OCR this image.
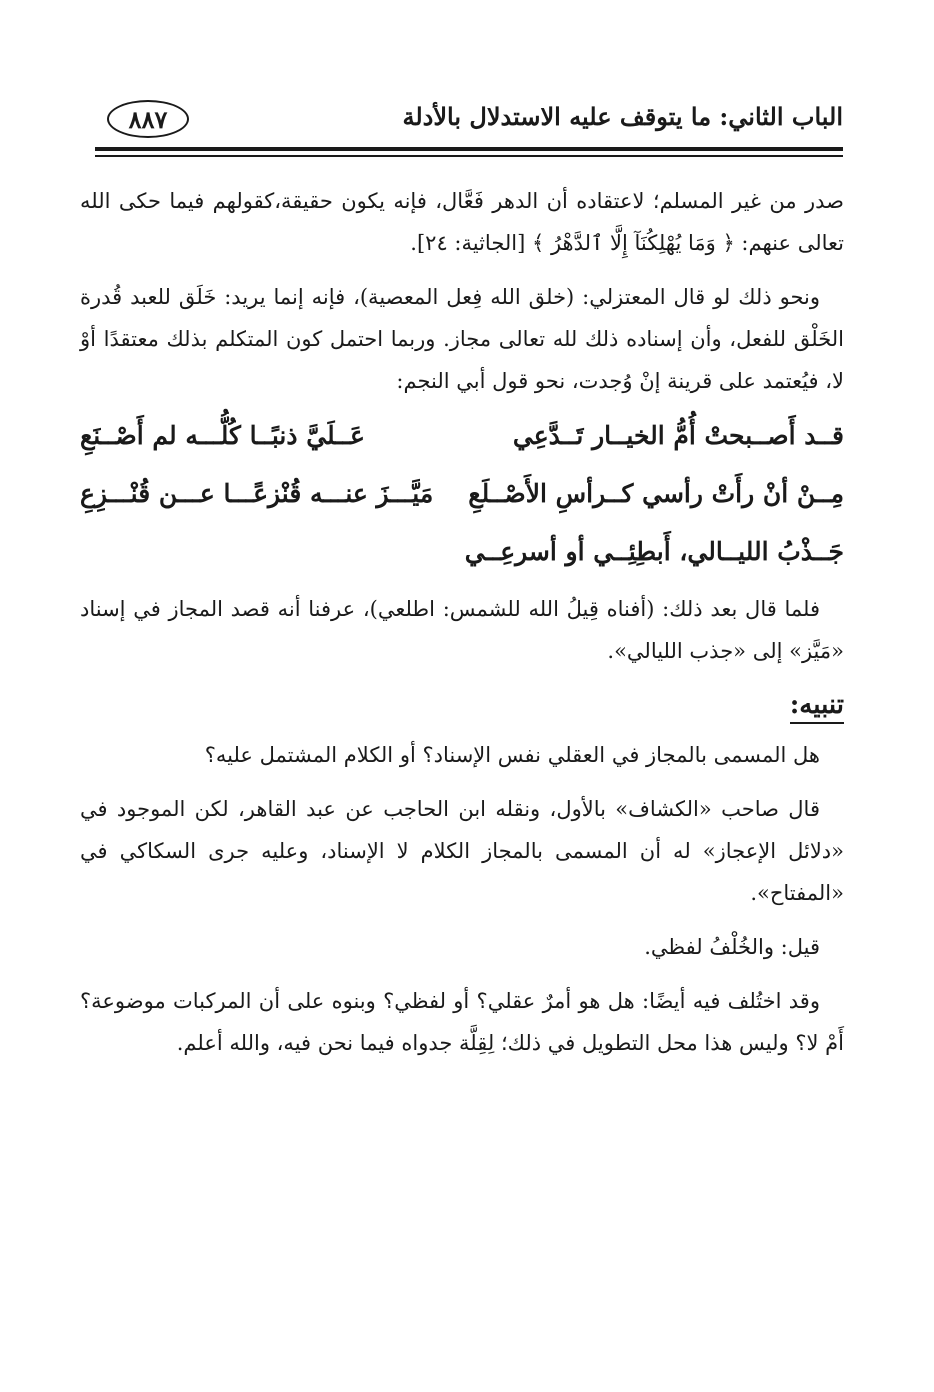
الباب الثاني: ما يتوقف عليه الاستدلال بالأدلة
٨٨٧

صدر من غير المسلم؛ لاعتقاده أن الدهر فَعَّال، فإنه يكون حقيقة،كقولهم فيما حكى الله تعالى عنهم: ﴿ وَمَا يُهْلِكُنَآ إِلَّا ٱلدَّهْرُ ﴾ [الجاثية: ٢٤].

ونحو ذلك لو قال المعتزلي: (خلق الله فِعل المعصية)، فإنه إنما يريد: خَلَق للعبد قُدرة الخَلْق للفعل، وأن إسناده ذلك لله تعالى مجاز. وربما احتمل كون المتكلم بذلك معتقدًا أوْ لا، فيُعتمد على قرينة إنْ وُجدت، نحو قول أبي النجم:

قــد أَصــبحتْ أُمُّ الخيــار تَــدَّعِي
عَــلَيَّ ذنبًــا كُلُّـــه لم أَصْــنَعِ
مِــنْ أنْ رأَتْ رأسي كــرأسِ الأَصْــلَعِ
مَيَّـــزَ عنـــه قُنْزعًـــا عـــن قُنْـــزِعِ
جَــذْبُ الليــالي، أَبطِئِــي أو أسرعِــي

فلما قال بعد ذلك: (أفناه قِيلُ الله للشمس: اطلعي)، عرفنا أنه قصد المجاز في إسناد «مَيَّز» إلى «جذب الليالي».

تنبيه:

هل المسمى بالمجاز في العقلي نفس الإسناد؟ أو الكلام المشتمل عليه؟

قال صاحب «الكشاف» بالأول، ونقله ابن الحاجب عن عبد القاهر، لكن الموجود في «دلائل الإعجاز» له أن المسمى بالمجاز الكلام لا الإسناد، وعليه جرى السكاكي في «المفتاح».

قيل: والخُلْفُ لفظي.

وقد اختُلف فيه أيضًا: هل هو أمرٌ عقلي؟ أو لفظي؟ وبنوه على أن المركبات موضوعة؟ أَمْ لا؟ وليس هذا محل التطويل في ذلك؛ لِقِلَّة جدواه فيما نحن فيه، والله أعلم.
